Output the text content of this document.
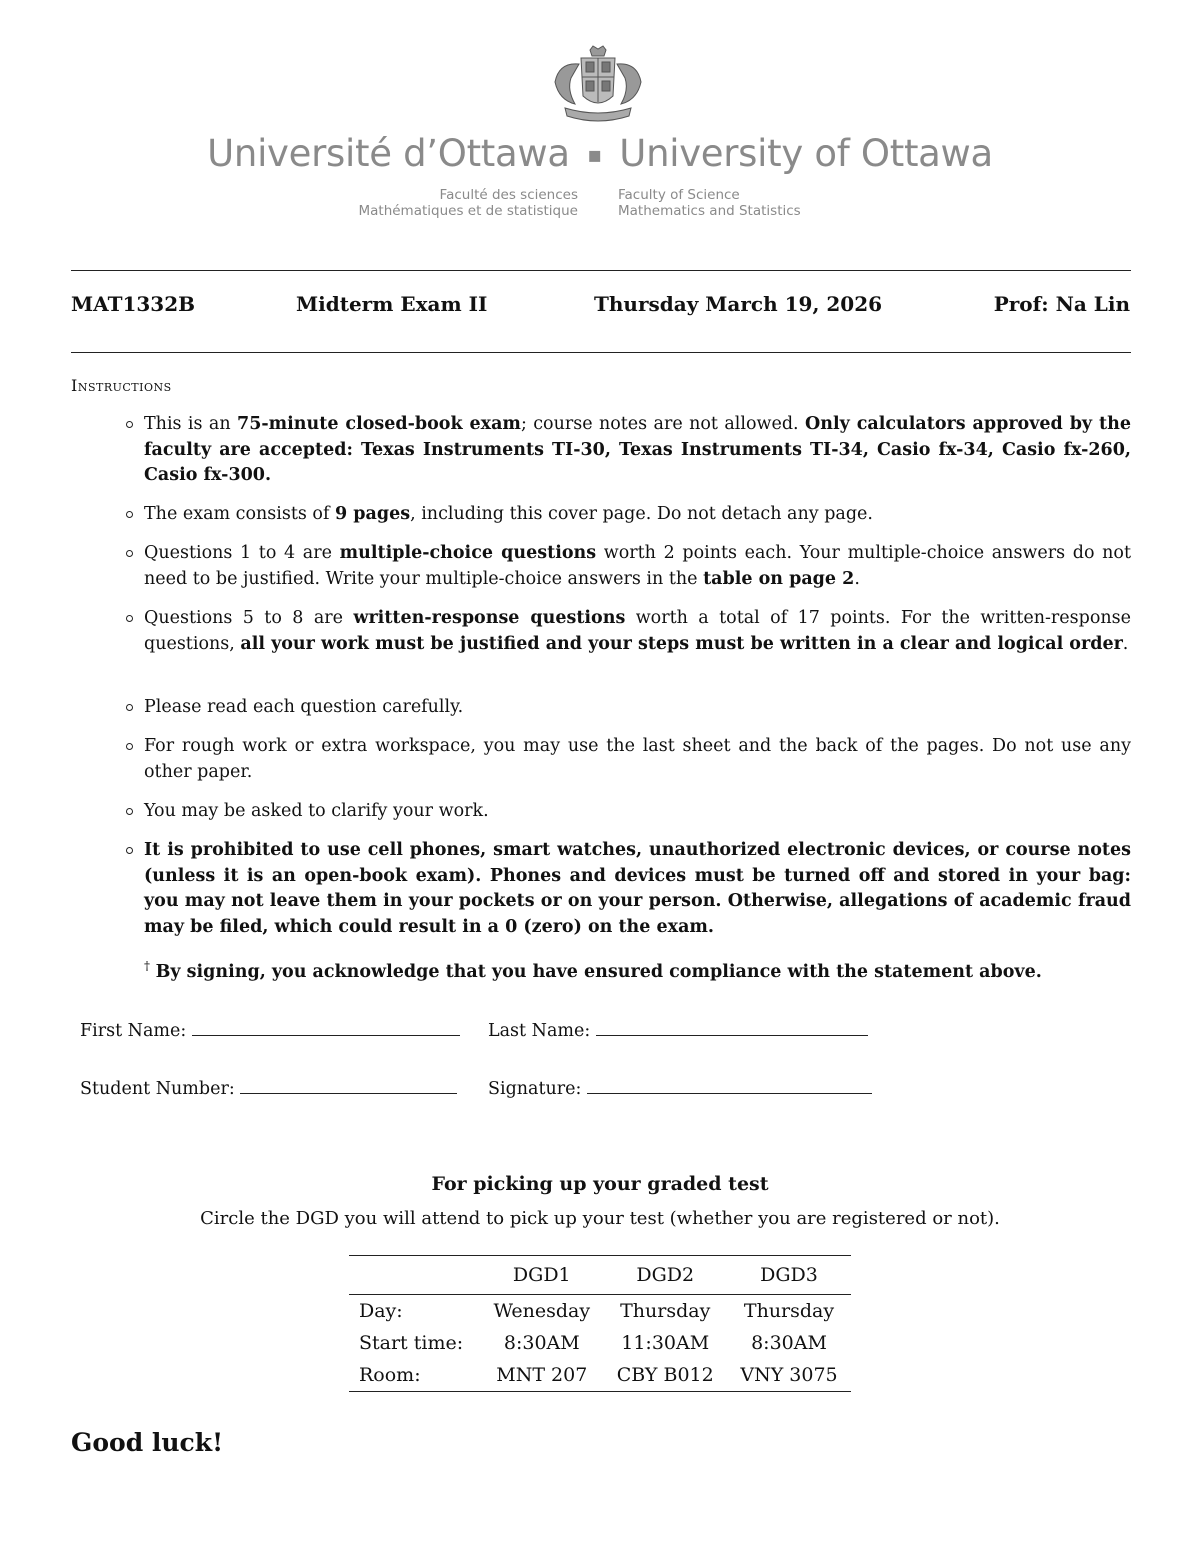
Université d’Ottawa ▪ University of Ottawa
Faculté des sciences
Mathématiques et de statistique
Faculty of Science
Mathematics and Statistics
MAT1332B	Midterm Exam II	Thursday March 19, 2026	Prof: Na Lin
Instructions
This is an 75-minute closed-book exam; course notes are not allowed. Only calculators approved by the faculty are accepted: Texas Instruments TI-30, Texas Instruments TI-34, Casio fx-34, Casio fx-260, Casio fx-300.
The exam consists of 9 pages, including this cover page. Do not detach any page.
Questions 1 to 4 are multiple-choice questions worth 2 points each. Your multiple-choice answers do not need to be justified. Write your multiple-choice answers in the table on page 2.
Questions 5 to 8 are written-response questions worth a total of 17 points. For the written-response questions, all your work must be justified and your steps must be written in a clear and logical order.
Please read each question carefully.
For rough work or extra workspace, you may use the last sheet and the back of the pages. Do not use any other paper.
You may be asked to clarify your work.
It is prohibited to use cell phones, smart watches, unauthorized electronic devices, or course notes (unless it is an open-book exam). Phones and devices must be turned off and stored in your bag: you may not leave them in your pockets or on your person. Otherwise, allegations of academic fraud may be filed, which could result in a 0 (zero) on the exam.
† By signing, you acknowledge that you have ensured compliance with the statement above.
First Name:	Last Name:
Student Number:	Signature:
For picking up your graded test
Circle the DGD you will attend to pick up your test (whether you are registered or not).
	DGD1	DGD2	DGD3

Day:	Wenesday	Thursday	Thursday
Start time:	8:30AM	11:30AM	8:30AM
Room:	MNT 207	CBY B012	VNY 3075
Good luck!
